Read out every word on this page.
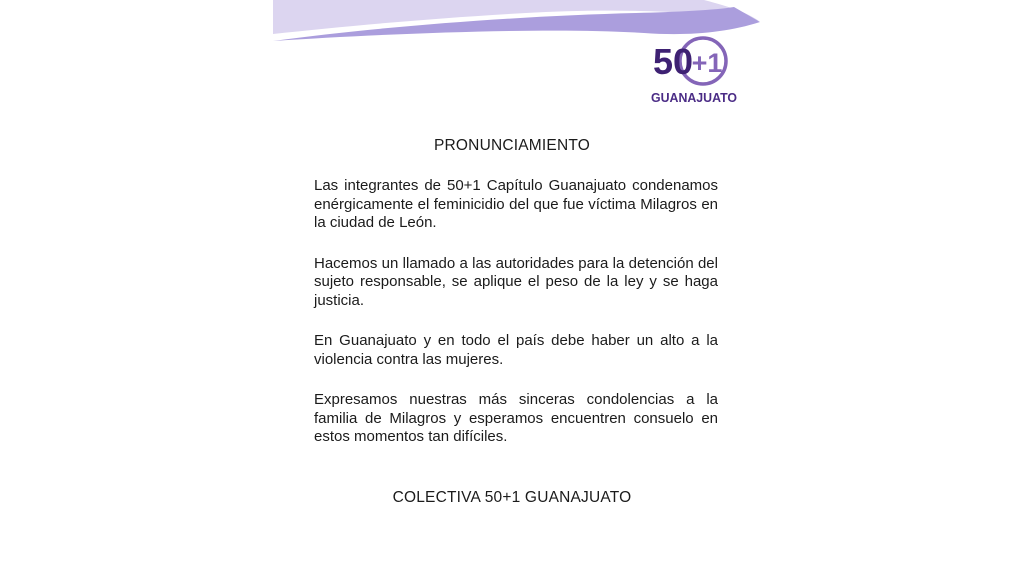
50
+1
GUANAJUATO
PRONUNCIAMIENTO

Las integrantes de 50+1 Capítulo Guanajuato condenamos enérgicamente el feminicidio del que fue víctima Milagros en la ciudad de León.

Hacemos un llamado a las autoridades para la detención del sujeto responsable, se aplique el peso de la ley y se haga justicia.

En Guanajuato y en todo el país debe haber un alto a la violencia contra las mujeres.

Expresamos nuestras más sinceras condolencias a la familia de Milagros y esperamos encuentren consuelo en estos momentos tan difíciles.

COLECTIVA 50+1 GUANAJUATO
